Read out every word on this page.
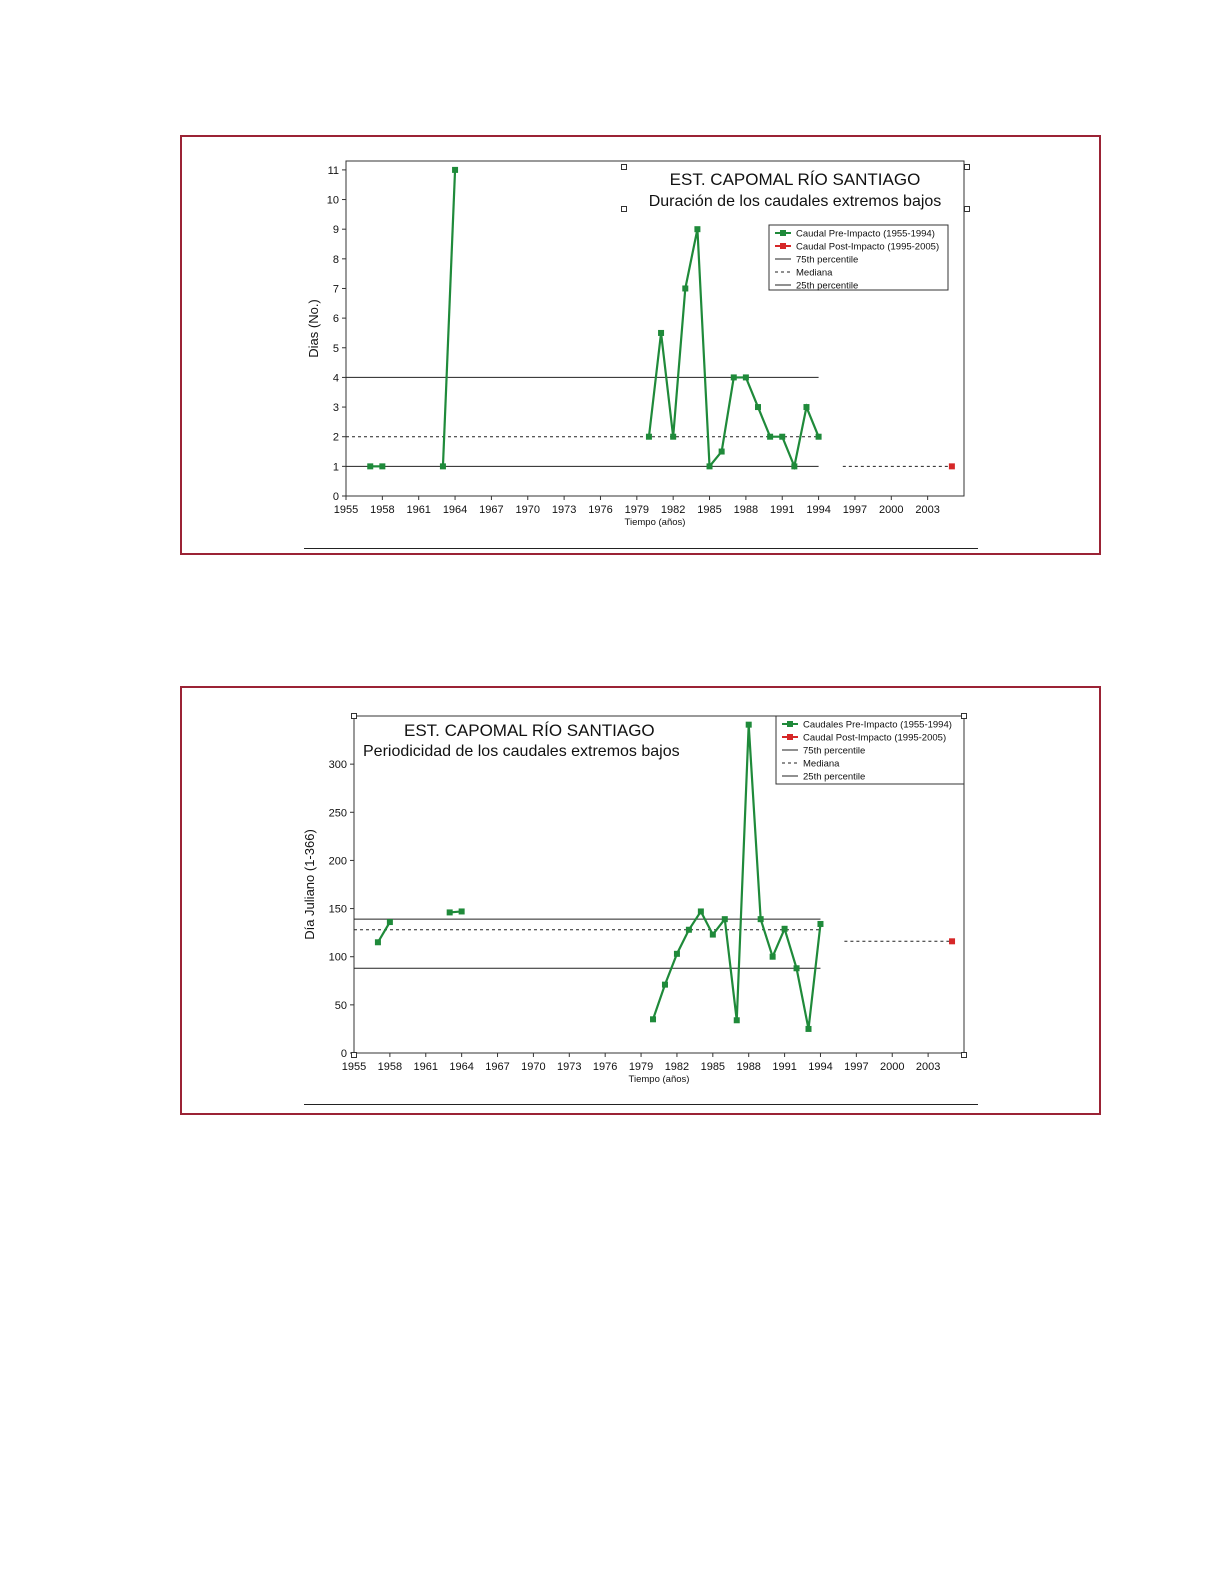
0
1
2
3
4
5
6
7
8
9
10
11
1955 1958 1961 1964 1967 1970 1973 1976 1979 1982 1985 1988 1991 1994 1997 2000 2003
Tiempo (años)
Dias (No.)
EST. CAPOMAL RÍO SANTIAGO
Duración de los caudales extremos bajos
Caudal Pre-Impacto (1955-1994)
Caudal Post-Impacto (1995-2005)
75th percentile
Mediana
25th percentile
0
50
100
150
200
250
300
1955 1958 1961 1964 1967 1970 1973 1976 1979 1982 1985 1988 1991 1994 1997 2000 2003
Tiempo (años)
Día Juliano (1-366)
EST. CAPOMAL RÍO SANTIAGO
Periodicidad de los caudales extremos bajos
Caudales Pre-Impacto (1955-1994)
Caudal Post-Impacto (1995-2005)
75th percentile
Mediana
25th percentile
